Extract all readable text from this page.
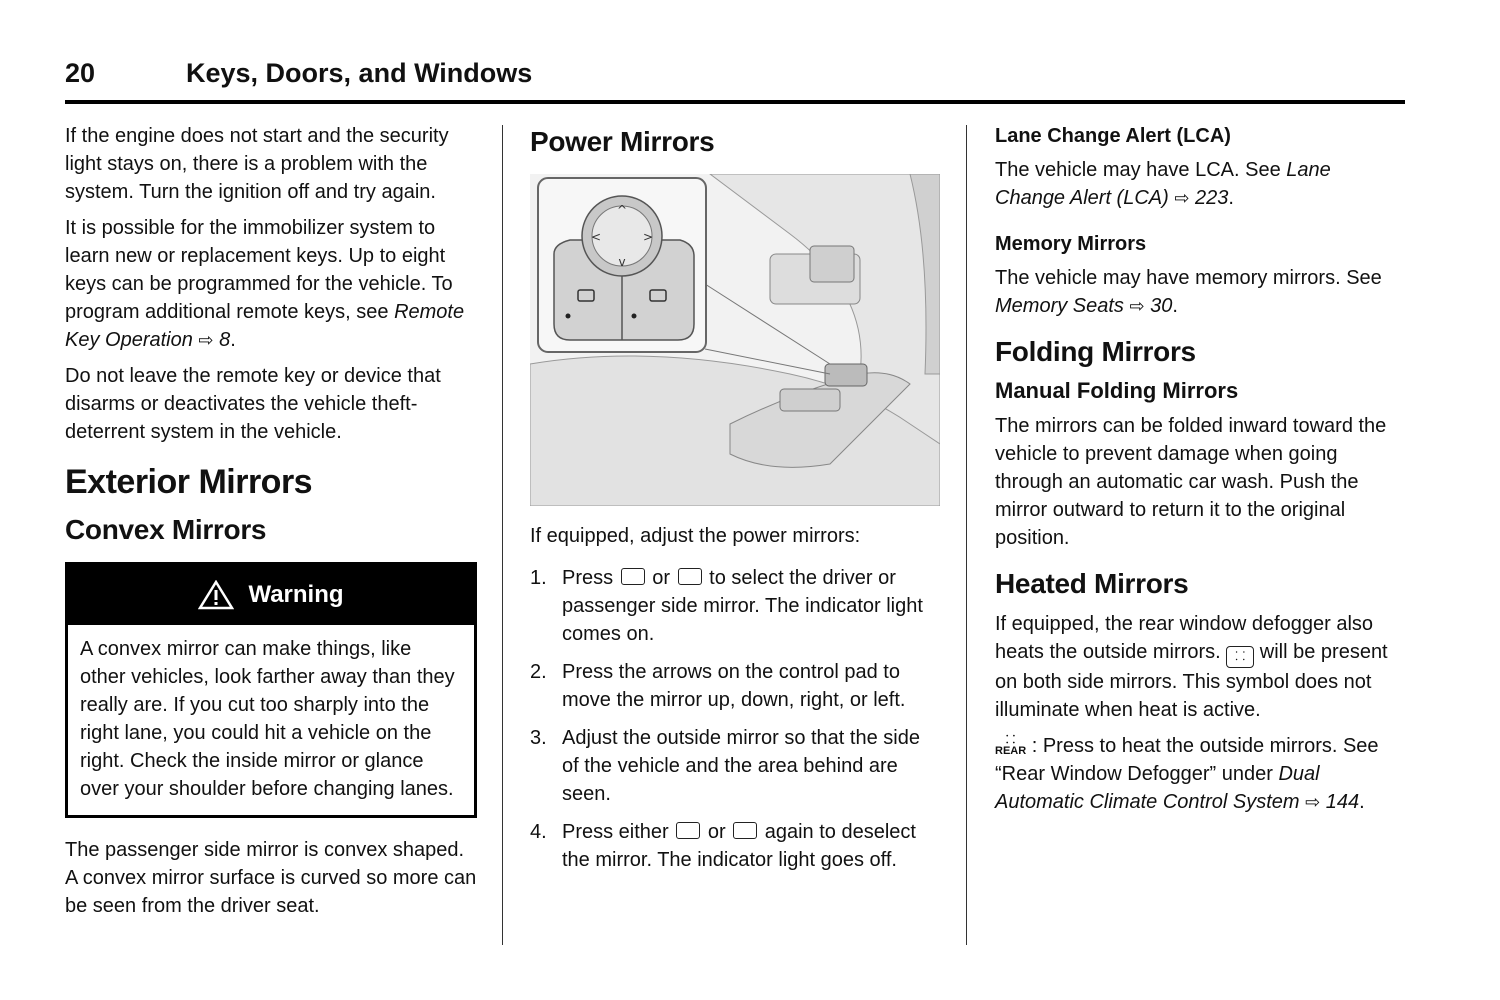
20	Keys, Doors, and Windows

If the engine does not start and the security light stays on, there is a problem with the system. Turn the ignition off and try again.

It is possible for the immobilizer system to learn new or replacement keys. Up to eight keys can be programmed for the vehicle. To program additional remote keys, see Remote Key Operation ⇨ 8.

Do not leave the remote key or device that disarms or deactivates the vehicle theft-deterrent system in the vehicle.

Exterior Mirrors
Convex Mirrors
Warning

A convex mirror can make things, like other vehicles, look farther away than they really are. If you cut too sharply into the right lane, you could hit a vehicle on the right. Check the inside mirror or glance over your shoulder before changing lanes.

The passenger side mirror is convex shaped. A convex mirror surface is curved so more can be seen from the driver seat.

Power Mirrors
^
v
<	>

If equipped, adjust the power mirrors:

1. Press  or  to select the driver or passenger side mirror. The indicator light comes on.
2. Press the arrows on the control pad to move the mirror up, down, right, or left.
3. Adjust the outside mirror so that the side of the vehicle and the area behind are seen.
4. Press either  or  again to deselect the mirror. The indicator light goes off.
Lane Change Alert (LCA)

The vehicle may have LCA. See Lane Change Alert (LCA) ⇨ 223.

Memory Mirrors

The vehicle may have memory mirrors. See Memory Seats ⇨ 30.

Folding Mirrors
Manual Folding Mirrors

The mirrors can be folded inward toward the vehicle to prevent damage when going through an automatic car wash. Push the mirror outward to return it to the original position.

Heated Mirrors

If equipped, the rear window defogger also heats the outside mirrors. ⸬ will be present on both side mirrors. This symbol does not illuminate when heat is active.

⸬
REAR : Press to heat the outside mirrors. See “Rear Window Defogger” under Dual Automatic Climate Control System ⇨ 144.
